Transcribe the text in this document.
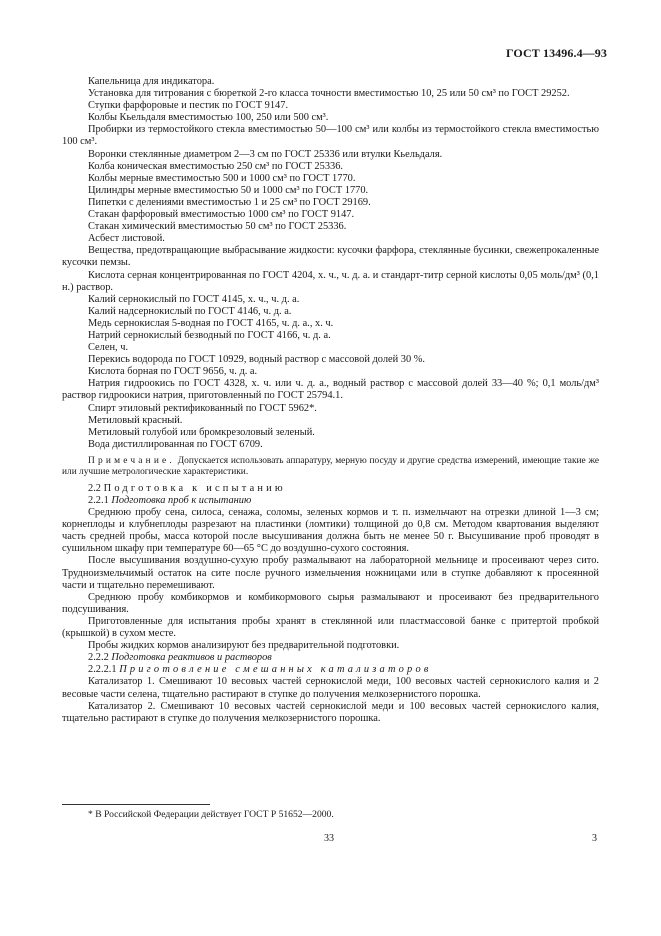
ГОСТ 13496.4—93

Капельница для индикатора.

Установка для титрования с бюреткой 2-го класса точности вместимостью 10, 25 или 50 см³ по ГОСТ 29252.

Ступки фарфоровые и пестик по ГОСТ 9147.

Колбы Кьельдаля вместимостью 100, 250 или 500 см³.

Пробирки из термостойкого стекла вместимостью 50—100 см³ или колбы из термостойкого стекла вместимостью 100 см³.

Воронки стеклянные диаметром 2—3 см по ГОСТ 25336 или втулки Кьельдаля.

Колба коническая вместимостью 250 см³ по ГОСТ 25336.

Колбы мерные вместимостью 500 и 1000 см³ по ГОСТ 1770.

Цилиндры мерные вместимостью 50 и 1000 см³ по ГОСТ 1770.

Пипетки с делениями вместимостью 1 и 25 см³ по ГОСТ 29169.

Стакан фарфоровый вместимостью 1000 см³ по ГОСТ 9147.

Стакан химический вместимостью 50 см³ по ГОСТ 25336.

Асбест листовой.

Вещества, предотвращающие выбрасывание жидкости: кусочки фарфора, стеклянные бусинки, свежепрокаленные кусочки пемзы.

Кислота серная концентрированная по ГОСТ 4204, х. ч., ч. д. а. и стандарт-титр серной кислоты 0,05 моль/дм³ (0,1 н.) раствор.

Калий сернокислый по ГОСТ 4145, х. ч., ч. д. а.

Калий надсернокислый по ГОСТ 4146, ч. д. а.

Медь сернокислая 5-водная по ГОСТ 4165, ч. д. а., х. ч.

Натрий сернокислый безводный по ГОСТ 4166, ч. д. а.

Селен, ч.

Перекись водорода по ГОСТ 10929, водный раствор с массовой долей 30 %.

Кислота борная по ГОСТ 9656, ч. д. а.

Натрия гидроокись по ГОСТ 4328, х. ч. или ч. д. а., водный раствор с массовой долей 33—40 %; 0,1 моль/дм³ раствор гидроокиси натрия, приготовленный по ГОСТ 25794.1.

Спирт этиловый ректификованный по ГОСТ 5962*.

Метиловый красный.

Метиловый голубой или бромкрезоловый зеленый.

Вода дистиллированная по ГОСТ 6709.

Примечание. Допускается использовать аппаратуру, мерную посуду и другие средства измерений, имеющие такие же или лучшие метрологические характеристики.

2.2 Подготовка к испытанию

2.2.1 Подготовка проб к испытанию

Среднюю пробу сена, силоса, сенажа, соломы, зеленых кормов и т. п. измельчают на отрезки длиной 1—3 см; корнеплоды и клубнеплоды разрезают на пластинки (ломтики) толщиной до 0,8 см. Методом квартования выделяют часть средней пробы, масса которой после высушивания должна быть не менее 50 г. Высушивание проб проводят в сушильном шкафу при температуре 60—65 °С до воздушно-сухого состояния.

После высушивания воздушно-сухую пробу размалывают на лабораторной мельнице и просеивают через сито. Трудноизмельчимый остаток на сите после ручного измельчения ножницами или в ступке добавляют к просеянной части и тщательно перемешивают.

Среднюю пробу комбикормов и комбикормового сырья размалывают и просеивают без предварительного подсушивания.

Приготовленные для испытания пробы хранят в стеклянной или пластмассовой банке с притертой пробкой (крышкой) в сухом месте.

Пробы жидких кормов анализируют без предварительной подготовки.

2.2.2 Подготовка реактивов и растворов

2.2.2.1 Приготовление смешанных катализаторов

Катализатор 1. Смешивают 10 весовых частей сернокислой меди, 100 весовых частей сернокислого калия и 2 весовые части селена, тщательно растирают в ступке до получения мелкозернистого порошка.

Катализатор 2. Смешивают 10 весовых частей сернокислой меди и 100 весовых частей сернокислого калия, тщательно растирают в ступке до получения мелкозернистого порошка.

* В Российской Федерации действует ГОСТ Р 51652—2000.
33	3
